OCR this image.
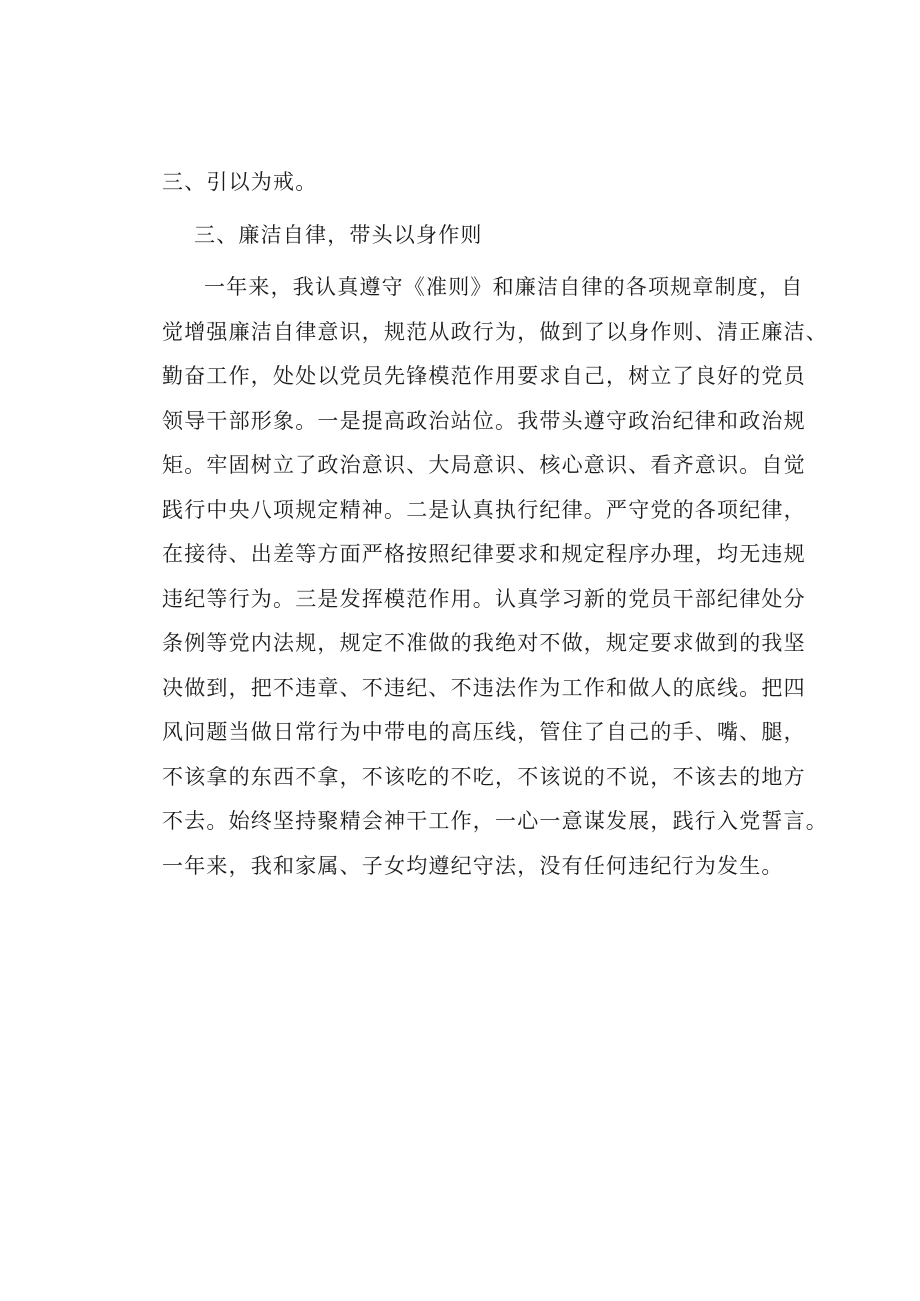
三、引以为戒。
三、廉洁自律，带头以身作则
一年来，我认真遵守《准则》和廉洁自律的各项规章制度，自
觉增强廉洁自律意识，规范从政行为，做到了以身作则、清正廉洁、
勤奋工作，处处以党员先锋模范作用要求自己，树立了良好的党员
领导干部形象。一是提高政治站位。我带头遵守政治纪律和政治规
矩。牢固树立了政治意识、大局意识、核心意识、看齐意识。自觉
践行中央八项规定精神。二是认真执行纪律。严守党的各项纪律，
在接待、出差等方面严格按照纪律要求和规定程序办理，均无违规
违纪等行为。三是发挥模范作用。认真学习新的党员干部纪律处分
条例等党内法规，规定不准做的我绝对不做，规定要求做到的我坚
决做到，把不违章、不违纪、不违法作为工作和做人的底线。把四
风问题当做日常行为中带电的高压线，管住了自己的手、嘴、腿，
不该拿的东西不拿，不该吃的不吃，不该说的不说，不该去的地方
不去。始终坚持聚精会神干工作，一心一意谋发展，践行入党誓言。
一年来，我和家属、子女均遵纪守法，没有任何违纪行为发生。
